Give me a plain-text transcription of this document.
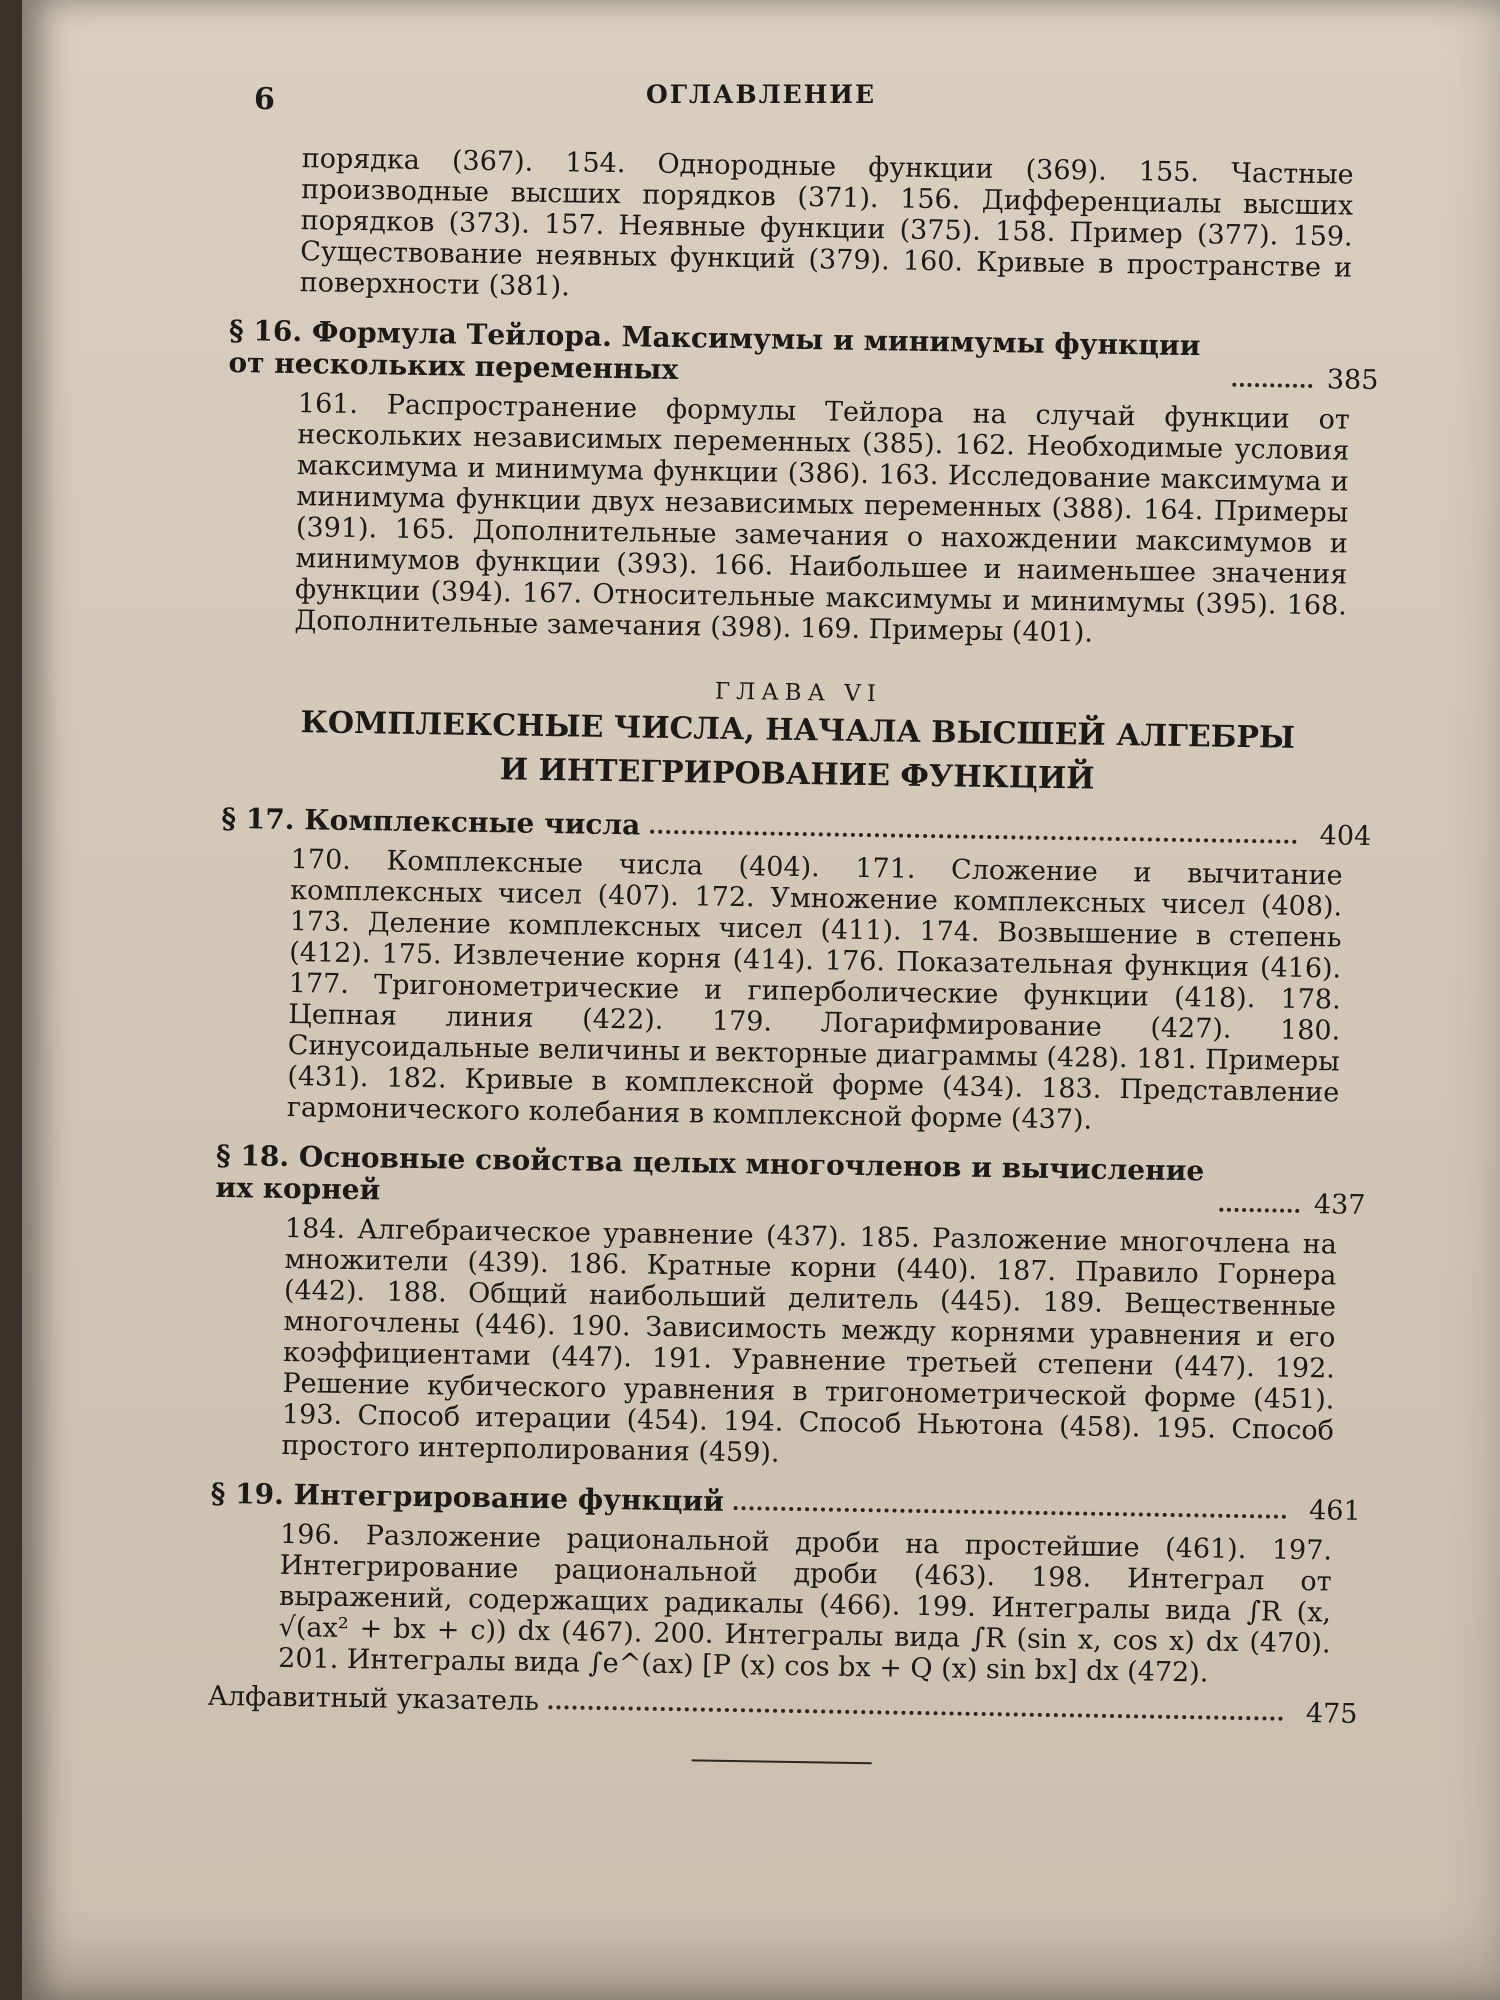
6	ОГЛАВЛЕНИЕ
порядка (367). 154. Однородные функции (369). 155. Частные производные высших порядков (371). 156. Дифференциалы высших порядков (373). 157. Неявные функции (375). 158. Пример (377). 159. Существование неявных функций (379). 160. Кривые в пространстве и поверхности (381).
§ 16. Формула Тейлора. Максимумы и минимумы функции от нескольких переменных	385
161. Распространение формулы Тейлора на случай функции от нескольких независимых переменных (385). 162. Необходимые условия максимума и минимума функции (386). 163. Исследование максимума и минимума функции двух независимых переменных (388). 164. Примеры (391). 165. Дополнительные замечания о нахождении максимумов и минимумов функции (393). 166. Наибольшее и наименьшее значения функции (394). 167. Относительные максимумы и минимумы (395). 168. Дополнительные замечания (398). 169. Примеры (401).
ГЛАВА VI
КОМПЛЕКСНЫЕ ЧИСЛА, НАЧАЛА ВЫСШЕЙ АЛГЕБРЫ
И ИНТЕГРИРОВАНИЕ ФУНКЦИЙ
§ 17. Комплексные числа	404
170. Комплексные числа (404). 171. Сложение и вычитание комплексных чисел (407). 172. Умножение комплексных чисел (408). 173. Деление комплексных чисел (411). 174. Возвышение в степень (412). 175. Извлечение корня (414). 176. Показательная функция (416). 177. Тригонометрические и гиперболические функции (418). 178. Цепная линия (422). 179. Логарифмирование (427). 180. Синусоидальные величины и векторные диаграммы (428). 181. Примеры (431). 182. Кривые в комплексной форме (434). 183. Представление гармонического колебания в комплексной форме (437).
§ 18. Основные свойства целых многочленов и вычисление их корней	437
184. Алгебраическое уравнение (437). 185. Разложение многочлена на множители (439). 186. Кратные корни (440). 187. Правило Горнера (442). 188. Общий наибольший делитель (445). 189. Вещественные многочлены (446). 190. Зависимость между корнями уравнения и его коэффициентами (447). 191. Уравнение третьей степени (447). 192. Решение кубического уравнения в тригонометрической форме (451). 193. Способ итерации (454). 194. Способ Ньютона (458). 195. Способ простого интерполирования (459).
§ 19. Интегрирование функций	461
196. Разложение рациональной дроби на простейшие (461). 197. Интегрирование рациональной дроби (463). 198. Интеграл от выражений, содержащих радикалы (466). 199. Интегралы вида ∫R (x, √(ax² + bx + c)) dx (467). 200. Интегралы вида ∫R (sin x, cos x) dx (470). 201. Интегралы вида ∫e^(ax) [P (x) cos bx + Q (x) sin bx] dx (472).
Алфавитный указатель	475
